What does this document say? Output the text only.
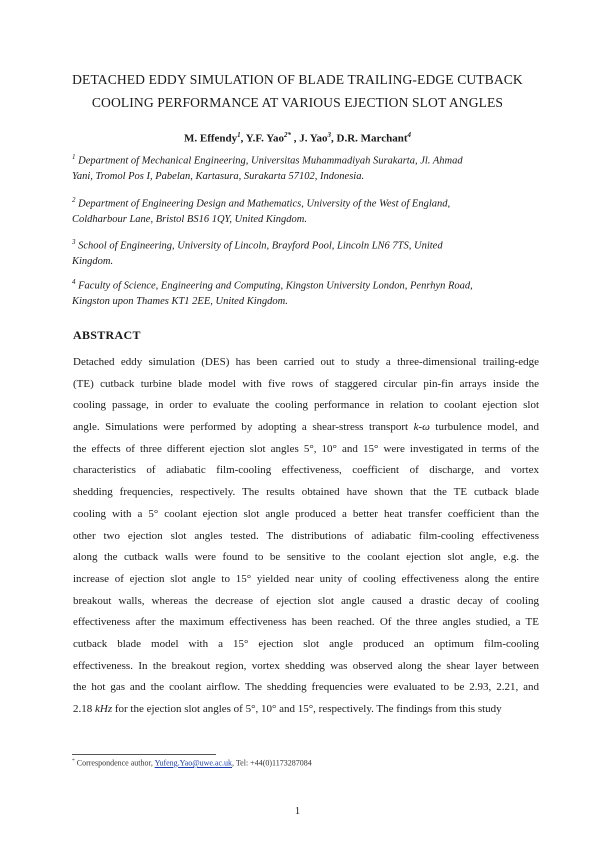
DETACHED EDDY SIMULATION OF BLADE TRAILING-EDGE CUTBACK
COOLING PERFORMANCE AT VARIOUS EJECTION SLOT ANGLES
M. Effendy$^1$, Y.F. Yao$^{2*}$ , J. Yao$^3$, D.R. Marchant$^4$
$^1$ Department of Mechanical Engineering, Universitas Muhammadiyah Surakarta, Jl. Ahmad
Yani, Tromol Pos I, Pabelan, Kartasura, Surakarta 57102, Indonesia.
$^2$ Department of Engineering Design and Mathematics, University of the West of England,
Coldharbour Lane, Bristol BS16 1QY, United Kingdom.
$^3$ School of Engineering, University of Lincoln, Brayford Pool, Lincoln LN6 7TS, United
Kingdom.
$^4$ Faculty of Science, Engineering and Computing, Kingston University London, Penrhyn Road,
Kingston upon Thames KT1 2EE, United Kingdom.
ABSTRACT
Detached eddy simulation (DES) has been carried out to study a three-dimensional trailing-edge
(TE) cutback turbine blade model with five rows of staggered circular pin-fin arrays inside the
cooling passage, in order to evaluate the cooling performance in relation to coolant ejection slot
angle. Simulations were performed by adopting a shear-stress transport k-ω turbulence model, and
the effects of three different ejection slot angles 5°, 10° and 15° were investigated in terms of the
characteristics of adiabatic film-cooling effectiveness, coefficient of discharge, and vortex
shedding frequencies, respectively. The results obtained have shown that the TE cutback blade
cooling with a 5° coolant ejection slot angle produced a better heat transfer coefficient than the
other two ejection slot angles tested. The distributions of adiabatic film-cooling effectiveness
along the cutback walls were found to be sensitive to the coolant ejection slot angle, e.g. the
increase of ejection slot angle to 15° yielded near unity of cooling effectiveness along the entire
breakout walls, whereas the decrease of ejection slot angle caused a drastic decay of cooling
effectiveness after the maximum effectiveness has been reached. Of the three angles studied, a TE
cutback blade model with a 15° ejection slot angle produced an optimum film-cooling
effectiveness. In the breakout region, vortex shedding was observed along the shear layer between
the hot gas and the coolant airflow. The shedding frequencies were evaluated to be 2.93, 2.21, and
2.18 kHz for the ejection slot angles of 5°, 10° and 15°, respectively. The findings from this study
* Correspondence author, Yufeng.Yao@uwe.ac.uk, Tel: +44(0)1173287084
1
